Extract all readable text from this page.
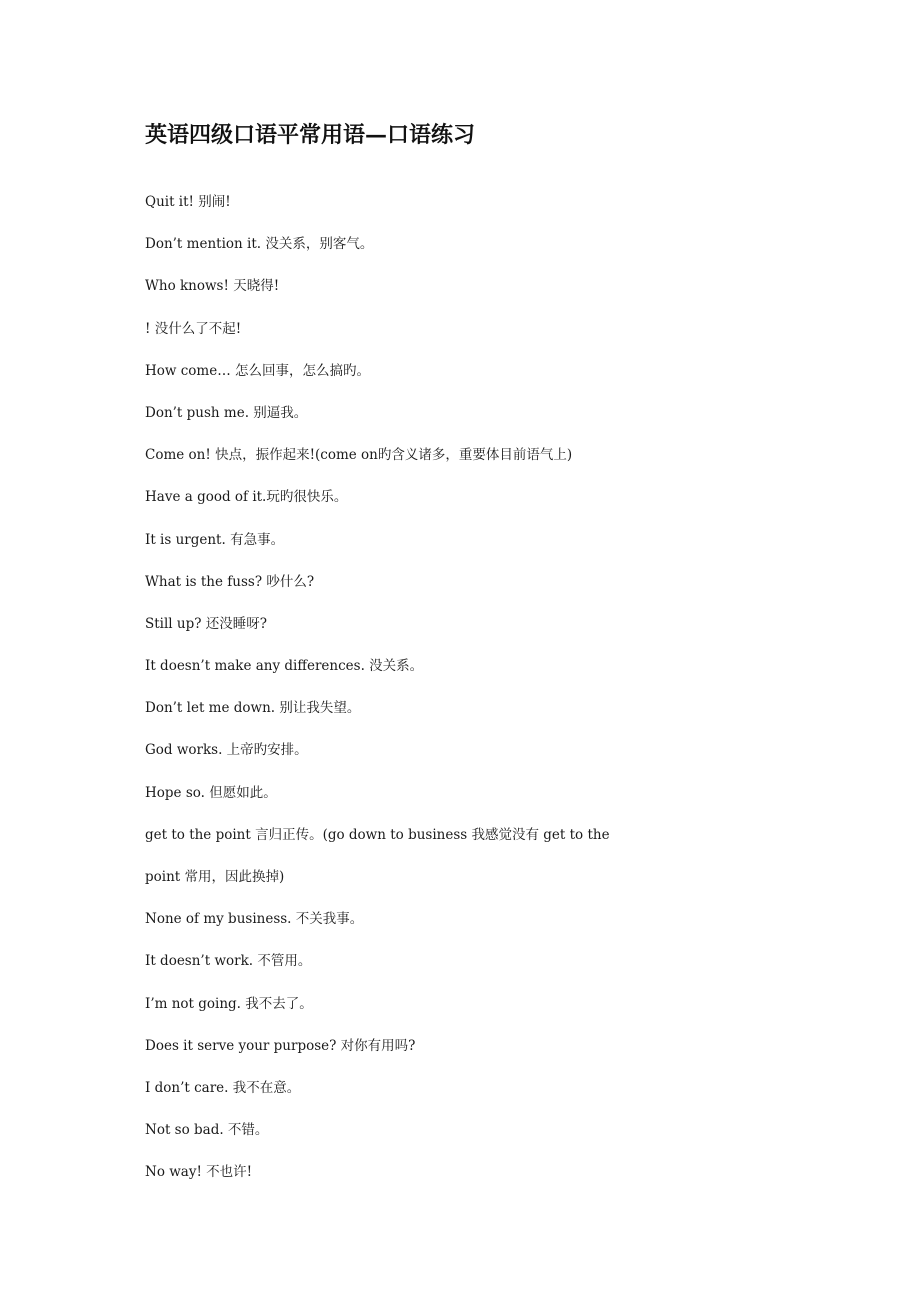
英语四级口语平常用语—口语练习
Quit it! 别闹!
Don’t mention it. 没关系，别客气。
Who knows! 天晓得!
! 没什么了不起!
How come… 怎么回事，怎么搞旳。
Don’t push me. 别逼我。
Come on! 快点，振作起来!(come on旳含义诸多，重要体目前语气上)
Have a good of it.玩旳很快乐。
It is urgent. 有急事。
What is the fuss? 吵什么?
Still up? 还没睡呀?
It doesn’t make any differences. 没关系。
Don’t let me down. 别让我失望。
God works. 上帝旳安排。
Hope so. 但愿如此。
get to the point 言归正传。(go down to business 我感觉没有 get to the
point 常用，因此换掉)
None of my business. 不关我事。
It doesn’t work. 不管用。
I’m not going. 我不去了。
Does it serve your purpose? 对你有用吗?
I don’t care. 我不在意。
Not so bad. 不错。
No way! 不也许!
